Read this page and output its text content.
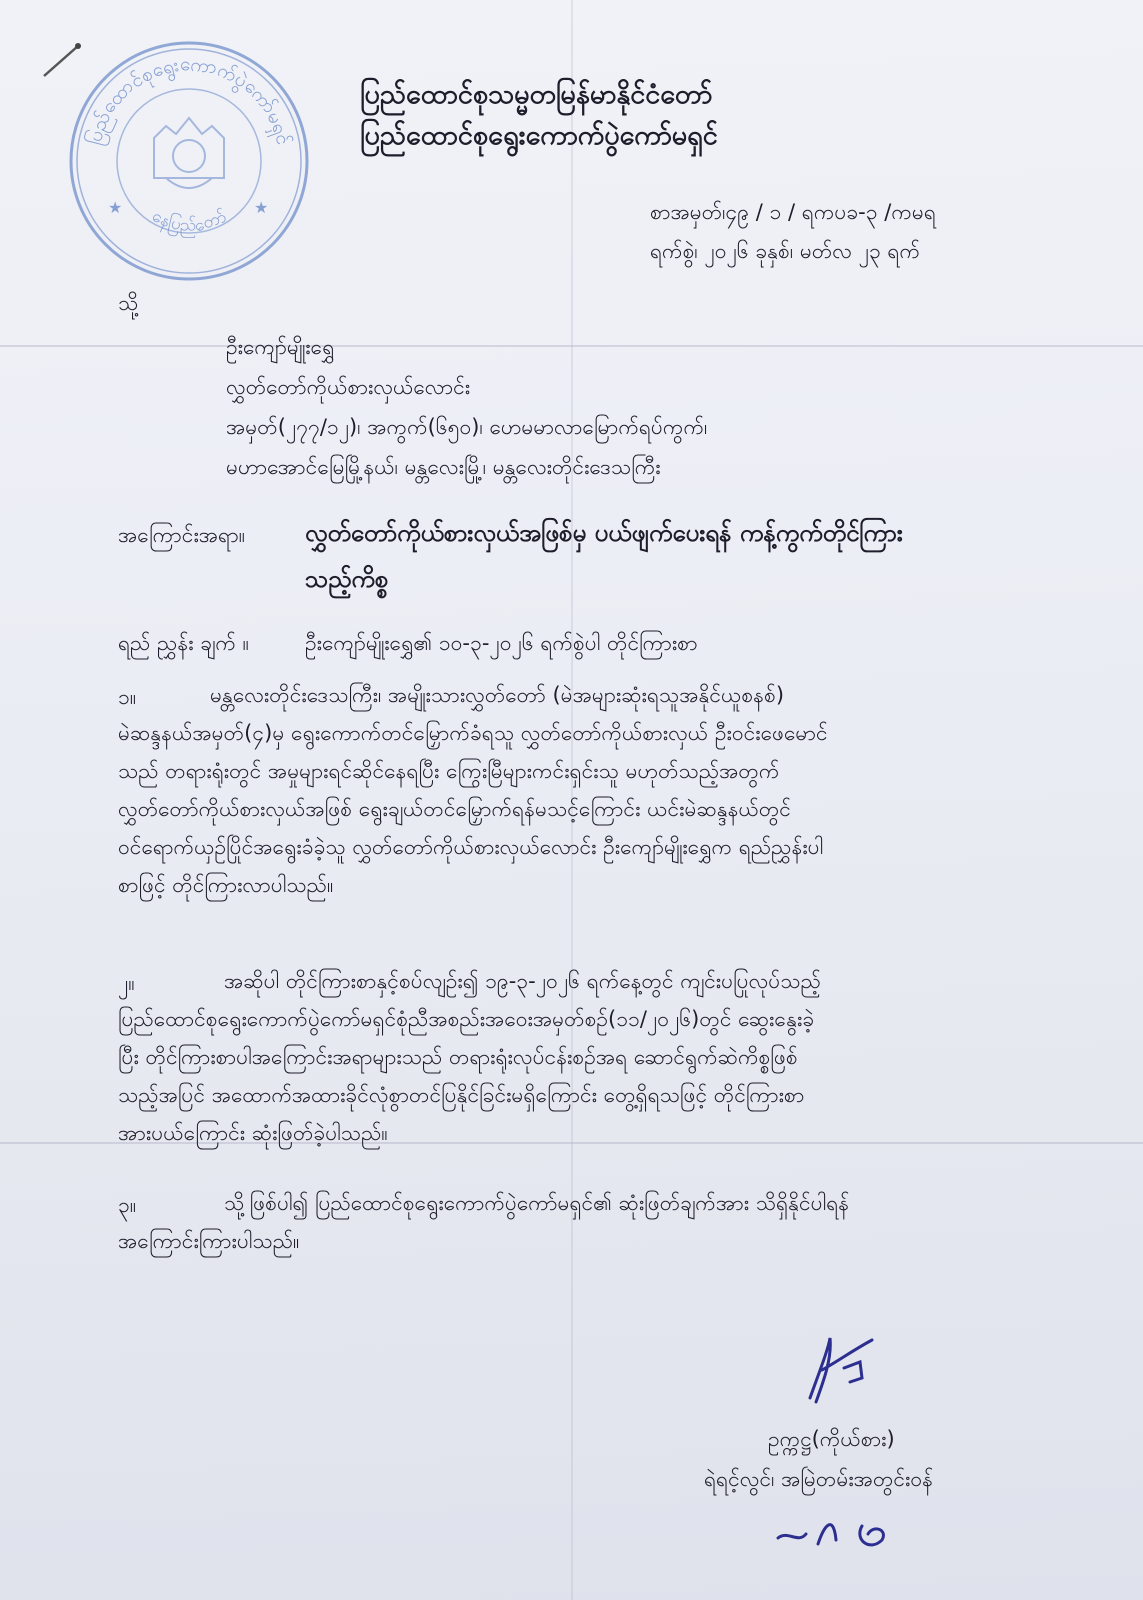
ပြည်ထောင်စုရွေးကောက်ပွဲကော်မရှင်
နေပြည်တော်
★	★
ပြည်ထောင်စုသမ္မတမြန်မာနိုင်ငံတော်
ပြည်ထောင်စုရွေးကောက်ပွဲကော်မရှင်
စာအမှတ်၊၄၉ / ၁ / ရကပခ-၃ /ကမရ
ရက်စွဲ၊ ၂၀၂၆ ခုနှစ်၊ မတ်လ ၂၃ ရက်
သို့
ဦးကျော်မျိုးရွှေ
လွှတ်တော်ကိုယ်စားလှယ်လောင်း
အမှတ်(၂၇၇/၁၂)၊ အကွက်(၆၅၀)၊ ဟေမမာလာမြောက်ရပ်ကွက်၊
မဟာအောင်မြေမြို့နယ်၊ မန္တလေးမြို့၊ မန္တလေးတိုင်းဒေသကြီး
အကြောင်းအရာ။ လွှတ်တော်ကိုယ်စားလှယ်အဖြစ်မှ ပယ်ဖျက်ပေးရန် ကန့်ကွက်တိုင်ကြား
သည့်ကိစ္စ
ရည် ညွှန်း ချက် ။	ဦးကျော်မျိုးရွှေ၏ ၁၀-၃-၂၀၂၆ ရက်စွဲပါ တိုင်ကြားစာ
၁။	မန္တလေးတိုင်းဒေသကြီး၊ အမျိုးသားလွှတ်တော် (မဲအများဆုံးရသူအနိုင်ယူစနစ်)
မဲဆန္ဒနယ်အမှတ်(၄)မှ ရွေးကောက်တင်မြှောက်ခံရသူ လွှတ်တော်ကိုယ်စားလှယ် ဦးဝင်းဖေမောင်
သည် တရားရုံးတွင် အမှုများရင်ဆိုင်နေရပြီး ကြွေးမြီများကင်းရှင်းသူ မဟုတ်သည့်အတွက်
လွှတ်တော်ကိုယ်စားလှယ်အဖြစ် ရွေးချယ်တင်မြှောက်ရန်မသင့်ကြောင်း ယင်းမဲဆန္ဒနယ်တွင်
ဝင်ရောက်ယှဉ်ပြိုင်အရွေးခံခဲ့သူ လွှတ်တော်ကိုယ်စားလှယ်လောင်း ဦးကျော်မျိုးရွှေက ရည်ညွှန်းပါ
စာဖြင့် တိုင်ကြားလာပါသည်။
၂။	အဆိုပါ တိုင်ကြားစာနှင့်စပ်လျဉ်း၍ ၁၉-၃-၂၀၂၆ ရက်နေ့တွင် ကျင်းပပြုလုပ်သည့်
ပြည်ထောင်စုရွေးကောက်ပွဲကော်မရှင်စုံညီအစည်းအဝေးအမှတ်စဉ်(၁၁/၂၀၂၆)တွင် ဆွေးနွေးခဲ့
ပြီး တိုင်ကြားစာပါအကြောင်းအရာများသည် တရားရုံးလုပ်ငန်းစဉ်အရ ဆောင်ရွက်ဆဲကိစ္စဖြစ်
သည့်အပြင် အထောက်အထားခိုင်လုံစွာတင်ပြနိုင်ခြင်းမရှိကြောင်း တွေ့ရှိရသဖြင့် တိုင်ကြားစာ
အားပယ်ကြောင်း ဆုံးဖြတ်ခဲ့ပါသည်။
၃။	သို့ဖြစ်ပါ၍ ပြည်ထောင်စုရွေးကောက်ပွဲကော်မရှင်၏ ဆုံးဖြတ်ချက်အား သိရှိနိုင်ပါရန်
အကြောင်းကြားပါသည်။
ဥက္ကဋ္ဌ(ကိုယ်စား)
ရဲရင့်လွင်၊ အမြဲတမ်းအတွင်းဝန်
